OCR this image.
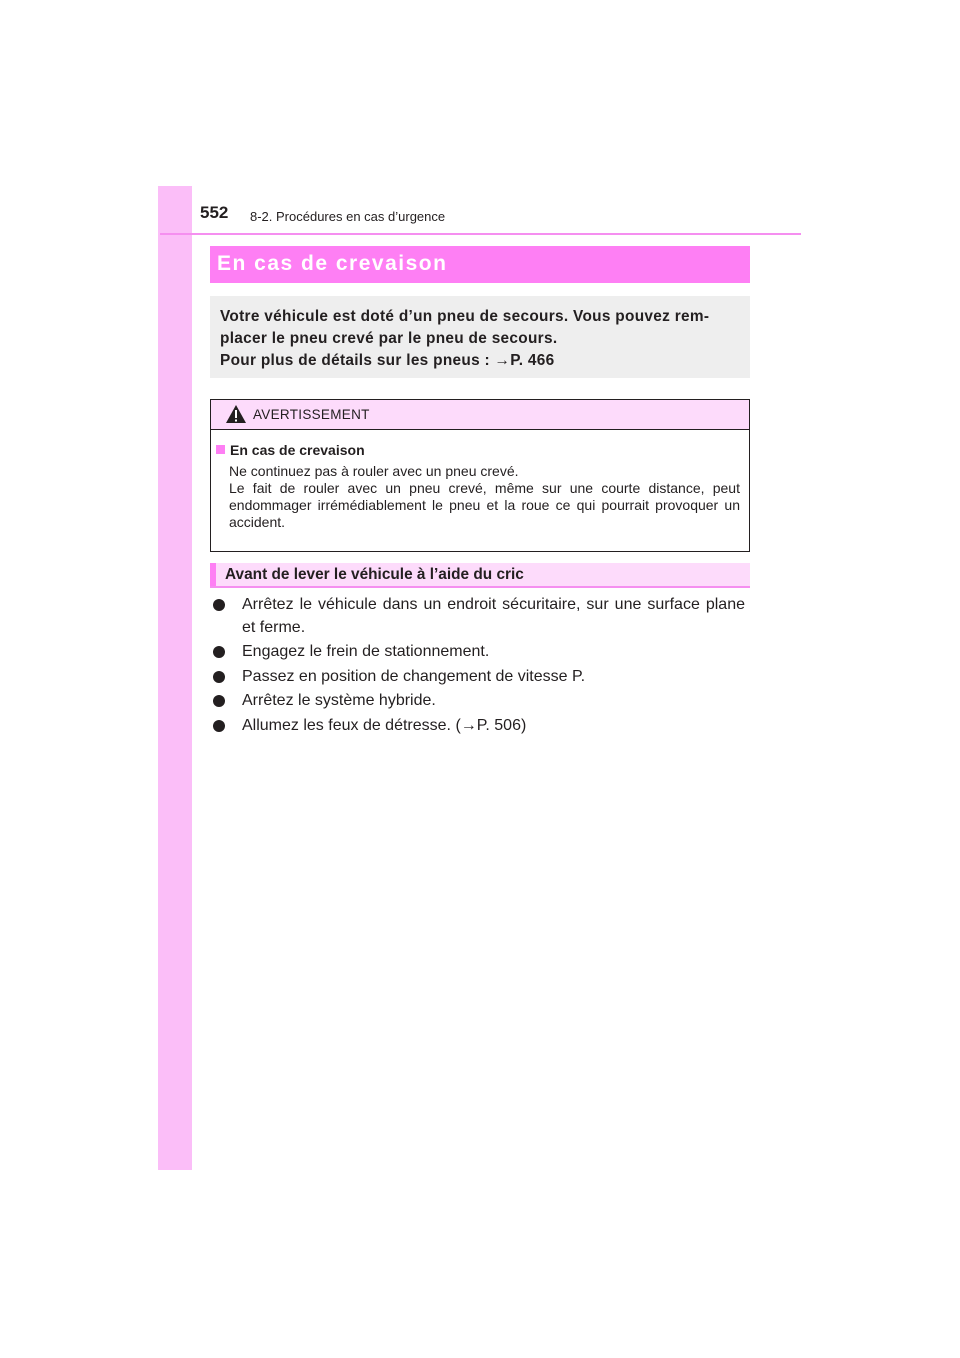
552 8-2. Procédures en cas d’urgence
En cas de crevaison

Votre véhicule est doté d’un pneu de secours. Vous pouvez rem-

placer le pneu crevé par le pneu de secours.

Pour plus de détails sur les pneus : →P. 466

AVERTISSEMENT
En cas de crevaison

Ne continuez pas à rouler avec un pneu crevé.

Le fait de rouler avec un pneu crevé, même sur une courte distance, peut endommager irrémédiablement le pneu et la roue ce qui pourrait provoquer un accident.

Avant de lever le véhicule à l’aide du cric
Arrêtez le véhicule dans un endroit sécuritaire, sur une surface plane et ferme.
Engagez le frein de stationnement.
Passez en position de changement de vitesse P.
Arrêtez le système hybride.
Allumez les feux de détresse. (→P. 506)
